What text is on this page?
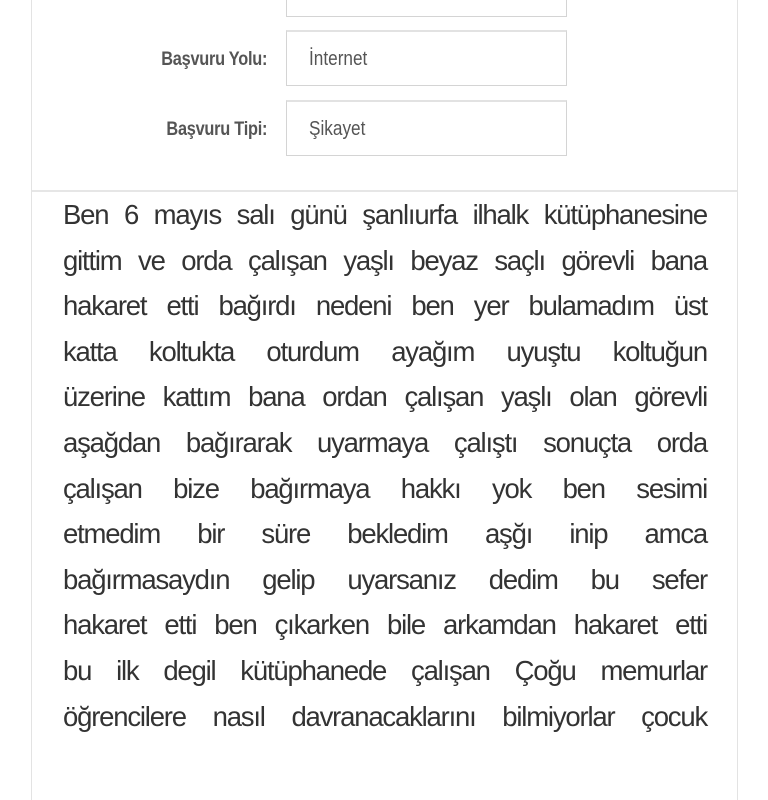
Başvuru Yolu:	İnternet
Başvuru Tipi:	Şikayet
Ben 6 mayıs salı günü şanlıurfa ilhalk kütüphanesine
gittim ve orda çalışan yaşlı beyaz saçlı görevli bana
hakaret etti bağırdı nedeni ben yer bulamadım üst
katta koltukta oturdum ayağım uyuştu koltuğun
üzerine kattım bana ordan çalışan yaşlı olan görevli
aşağdan bağırarak uyarmaya çalıştı sonuçta orda
çalışan bize bağırmaya hakkı yok ben sesimi
etmedim bir süre bekledim aşğı inip amca
bağırmasaydın gelip uyarsanız dedim bu sefer
hakaret etti ben çıkarken bile arkamdan hakaret etti
bu ilk degil kütüphanede çalışan Çoğu memurlar
öğrencilere nasıl davranacaklarını bilmiyorlar çocuk
